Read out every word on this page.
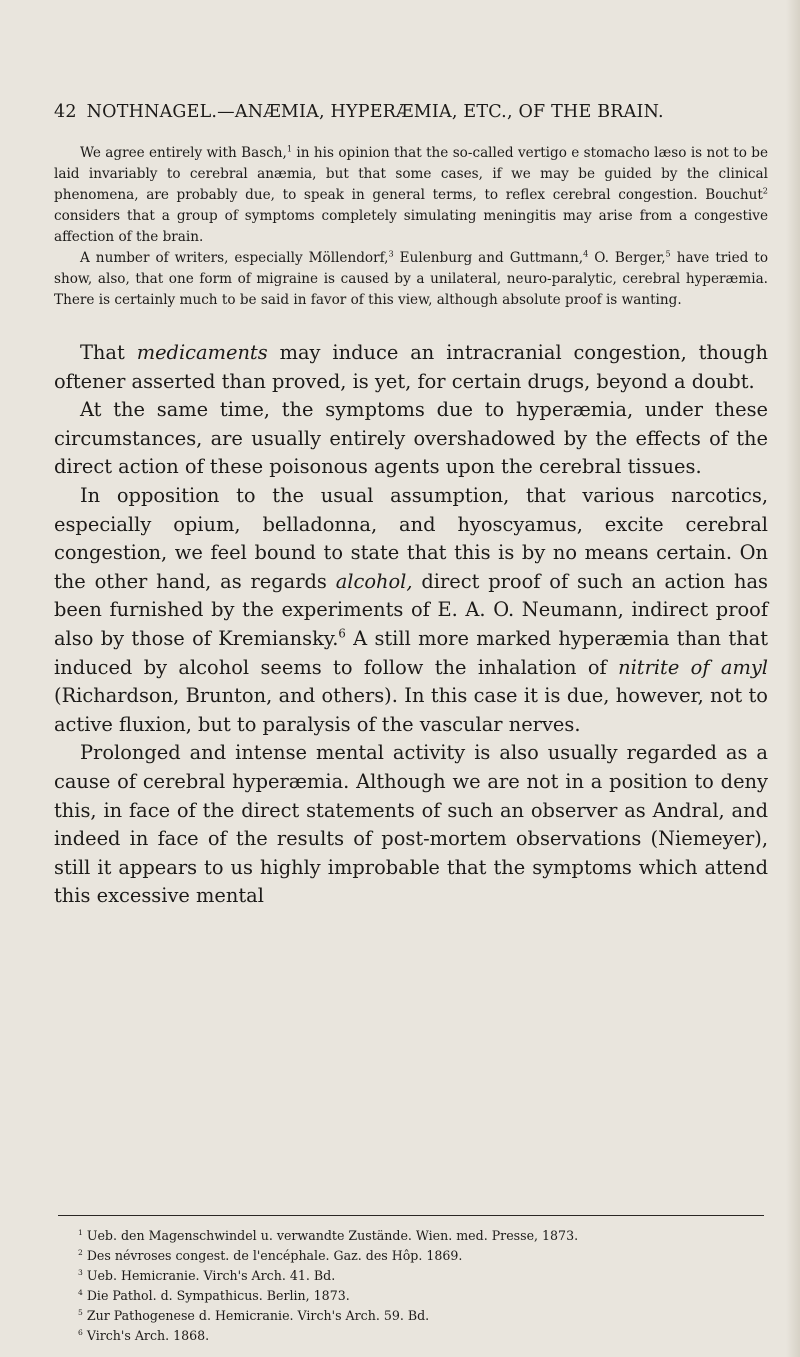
42 NOTHNAGEL.—ANÆMIA, HYPERÆMIA, ETC., OF THE BRAIN.

We agree entirely with Basch,$^1$ in his opinion that the so-called vertigo e stomacho læso is not to be laid invariably to cerebral anæmia, but that some cases, if we may be guided by the clinical phenomena, are probably due, to speak in general terms, to reflex cerebral congestion. Bouchut$^2$ considers that a group of symptoms completely simulating meningitis may arise from a congestive affection of the brain.

A number of writers, especially Möllendorf,$^3$ Eulenburg and Guttmann,$^4$ O. Berger,$^5$ have tried to show, also, that one form of migraine is caused by a unilateral, neuro-paralytic, cerebral hyperæmia. There is certainly much to be said in favor of this view, although absolute proof is wanting.

That medicaments may induce an intracranial congestion, though oftener asserted than proved, is yet, for certain drugs, beyond a doubt.

At the same time, the symptoms due to hyperæmia, under these circumstances, are usually entirely overshadowed by the effects of the direct action of these poisonous agents upon the cerebral tissues.

In opposition to the usual assumption, that various narcotics, especially opium, belladonna, and hyoscyamus, excite cerebral congestion, we feel bound to state that this is by no means certain. On the other hand, as regards alcohol, direct proof of such an action has been furnished by the experiments of E. A. O. Neumann, indirect proof also by those of Kremiansky.$^6$ A still more marked hyperæmia than that induced by alcohol seems to follow the inhalation of nitrite of amyl (Richardson, Brunton, and others). In this case it is due, however, not to active fluxion, but to paralysis of the vascular nerves.

Prolonged and intense mental activity is also usually regarded as a cause of cerebral hyperæmia. Although we are not in a position to deny this, in face of the direct statements of such an observer as Andral, and indeed in face of the results of post-mortem observations (Niemeyer), still it appears to us highly improbable that the symptoms which attend this excessive mental

$^1$ Ueb. den Magenschwindel u. verwandte Zustände. Wien. med. Presse, 1873.
$^2$ Des névroses congest. de l'encéphale. Gaz. des Hôp. 1869.
$^3$ Ueb. Hemicranie. Virch's Arch. 41. Bd.
$^4$ Die Pathol. d. Sympathicus. Berlin, 1873.
$^5$ Zur Pathogenese d. Hemicranie. Virch's Arch. 59. Bd.
$^6$ Virch's Arch. 1868.
